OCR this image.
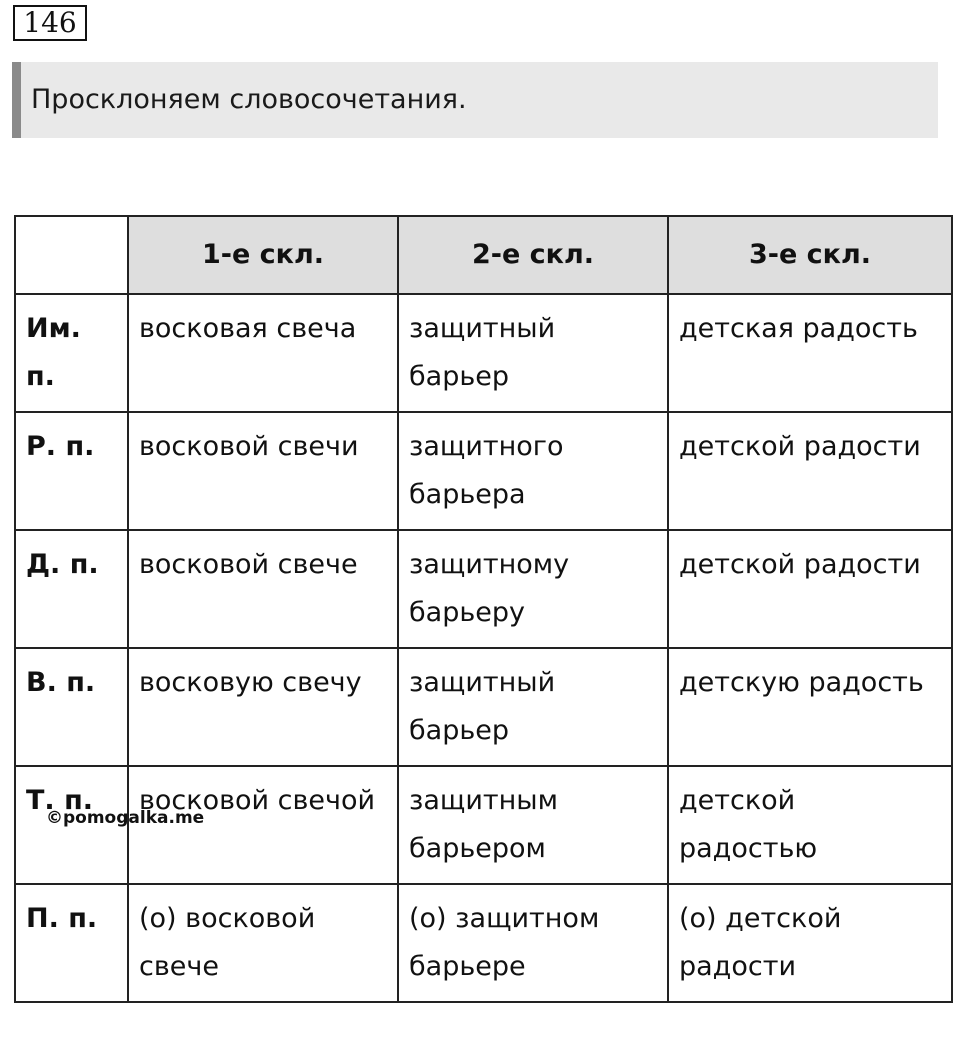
146
Просклоняем словосочетания.
	1-е скл.	2-е скл.	3-е скл.
Им. п.	восковая свеча	защитный барьер	детская радость
Р. п.	восковой свечи	защитного барьера	детской радости
Д. п.	восковой свече	защитному барьеру	детской радости
В. п.	восковую свечу	защитный барьер	детскую радость
Т. п.	восковой свечой	защитным барьером	детской радостью
П. п.	(о) восковой свече	(о) защитном барьере	(о) детской радости
©pomogalka.me
